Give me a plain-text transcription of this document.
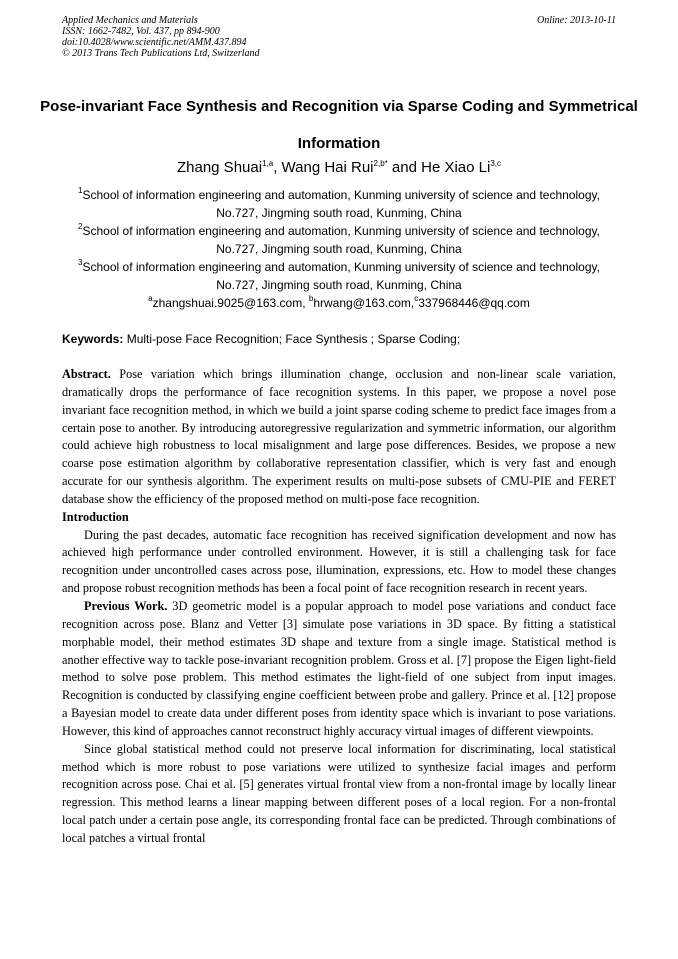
Applied Mechanics and Materials
ISSN: 1662-7482, Vol. 437, pp 894-900
doi:10.4028/www.scientific.net/AMM.437.894
© 2013 Trans Tech Publications Ltd, Switzerland
Online: 2013-10-11
Pose-invariant Face Synthesis and Recognition via Sparse Coding and Symmetrical Information
Zhang Shuai$^{1,a}$, Wang Hai Rui$^{2,b*}$ and He Xiao Li$^{3,c}$
$^1$School of information engineering and automation, Kunming university of science and technology,
No.727, Jingming south road, Kunming, China
$^2$School of information engineering and automation, Kunming university of science and technology,
No.727, Jingming south road, Kunming, China
$^3$School of information engineering and automation, Kunming university of science and technology,
No.727, Jingming south road, Kunming, China
$^a$zhangshuai.9025@163.com, $^b$hrwang@163.com,$^c$337968446@qq.com
Keywords: Multi-pose Face Recognition; Face Synthesis ; Sparse Coding;

Abstract. Pose variation which brings illumination change, occlusion and non-linear scale variation, dramatically drops the performance of face recognition systems. In this paper, we propose a novel pose invariant face recognition method, in which we build a joint sparse coding scheme to predict face images from a certain pose to another. By introducing autoregressive regularization and symmetric information, our algorithm could achieve high robustness to local misalignment and large pose differences. Besides, we propose a new coarse pose estimation algorithm by collaborative representation classifier, which is very fast and enough accurate for our synthesis algorithm. The experiment results on multi-pose subsets of CMU-PIE and FERET database show the efficiency of the proposed method on multi-pose face recognition.

Introduction

During the past decades, automatic face recognition has received signification development and now has achieved high performance under controlled environment. However, it is still a challenging task for face recognition under uncontrolled cases across pose, illumination, expressions, etc. How to model these changes and propose robust recognition methods has been a focal point of face recognition research in recent years.

Previous Work. 3D geometric model is a popular approach to model pose variations and conduct face recognition across pose. Blanz and Vetter [3] simulate pose variations in 3D space. By fitting a statistical morphable model, their method estimates 3D shape and texture from a single image. Statistical method is another effective way to tackle pose-invariant recognition problem. Gross et al. [7] propose the Eigen light-field method to solve pose problem. This method estimates the light-field of one subject from input images. Recognition is conducted by classifying engine coefficient between probe and gallery. Prince et al. [12] propose a Bayesian model to create data under different poses from identity space which is invariant to pose variations. However, this kind of approaches cannot reconstruct highly accuracy virtual images of different viewpoints.

Since global statistical method could not preserve local information for discriminating, local statistical method which is more robust to pose variations were utilized to synthesize facial images and perform recognition across pose. Chai et al. [5] generates virtual frontal view from a non-frontal image by locally linear regression. This method learns a linear mapping between different poses of a local region. For a non-frontal local patch under a certain pose angle, its corresponding frontal face can be predicted. Through combinations of local patches a virtual frontal
